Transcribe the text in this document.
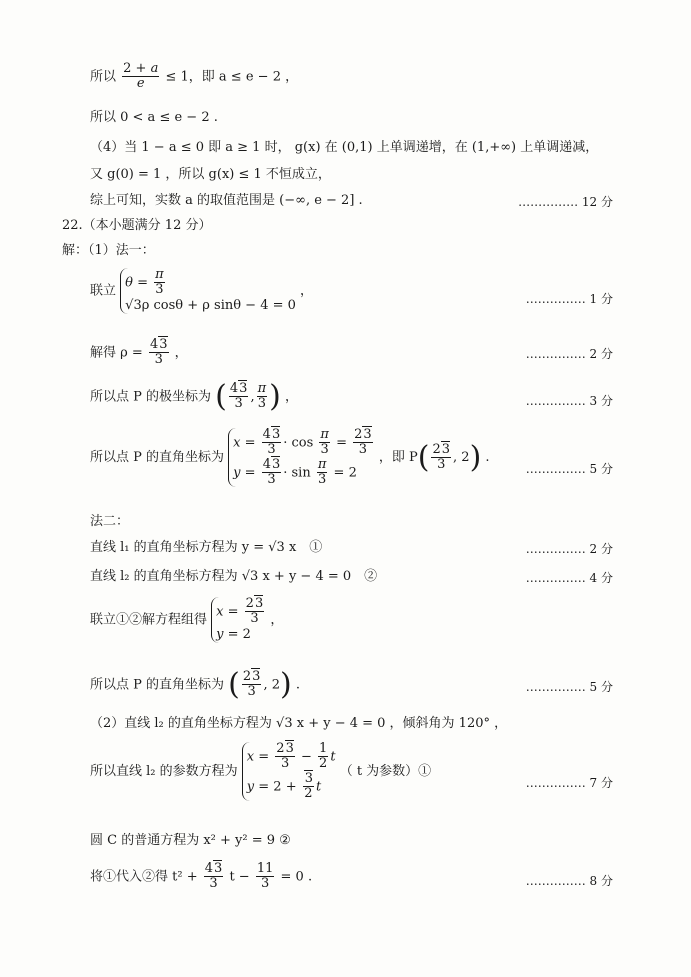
所以 $\frac{2 + a}{e} \le 1$，即 a ≤ e − 2 ，
所以 0 < a ≤ e − 2 .
（4）当 1 − a ≤ 0 即 a ≥ 1 时， g(x) 在 (0,1) 上单调递增，在 (1,+∞) 上单调递减，
又 g(0) = 1 ，所以 g(x) ≤ 1 不恒成立，
综上可知，实数 a 的取值范围是 (−∞, e − 2] .	…………… 12 分
22.（本小题满分 12 分）
解：（1）法一：
联立
$\theta = \frac{\pi}{3}$
√3ρ cosθ + ρ sinθ − 4 = 0
，
…………… 1 分
解得 $\rho = \frac{43}{3}$ ，	…………… 2 分
所以点 P 的极坐标为 ( $\frac{43}{3}$ , $\frac{\pi}{3}$ ) ，	…………… 3 分
所以点 P 的直角坐标为
$x = \frac{43}{3} \cdot \cos \frac{\pi}{3} = \frac{23}{3}$
$y = \frac{43}{3} \cdot \sin \frac{\pi}{3} = 2$
，即 $P( \frac{23}{3}$ , 2) .
…………… 5 分
法二：
直线 l₁ 的直角坐标方程为 y = √3 x　①	…………… 2 分
直线 l₂ 的直角坐标方程为 √3 x + y − 4 = 0　②	…………… 4 分
联立①②解方程组得
$x = \frac{23}{3}$
y = 2
，
所以点 P 的直角坐标为 ( $\frac{23}{3}$ , 2) .	…………… 5 分
（2）直线 l₂ 的直角坐标方程为 √3 x + y − 4 = 0 ，倾斜角为 120° ，
所以直线 l₂ 的参数方程为
$x = \frac{23}{3} - \frac{1}{2}$ t
$y = 2 + \frac{3}{2}$ t
（ t 为参数）①
…………… 7 分
圆 C 的普通方程为 x² + y² = 9 ②
将①代入②得 $t^2 + \frac{43}{3}$ $t - \frac{11}{3} = 0$ .	…………… 8 分
